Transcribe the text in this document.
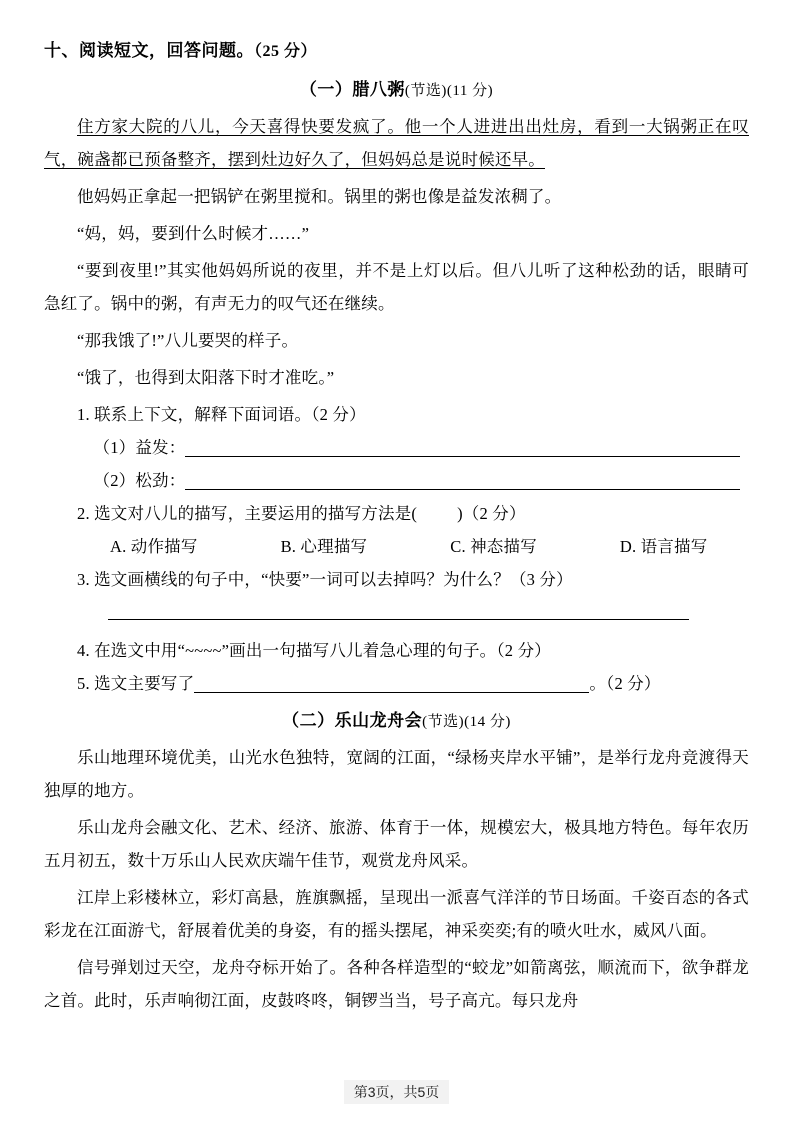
十、阅读短文，回答问题。（25 分）
（一）腊八粥(节选)(11 分)

住方家大院的八儿，今天喜得快要发疯了。他一个人进进出出灶房，看到一大锅粥正在叹气，碗盏都已预备整齐，摆到灶边好久了，但妈妈总是说时候还早。

他妈妈正拿起一把锅铲在粥里搅和。锅里的粥也像是益发浓稠了。

“妈，妈，要到什么时候才……”

“要到夜里!”其实他妈妈所说的夜里，并不是上灯以后。但八儿听了这种松劲的话，眼睛可急红了。锅中的粥，有声无力的叹气还在继续。

“那我饿了!”八儿要哭的样子。

“饿了，也得到太阳落下时才准吃。”

1. 联系上下文，解释下面词语。（2 分）

（1）益发：

（2）松劲：

2. 选文对八儿的描写，主要运用的描写方法是( )（2 分）

A. 动作描写	B. 心理描写	C. 神态描写	D. 语言描写

3. 选文画横线的句子中，“快要”一词可以去掉吗？为什么？（3 分）

4. 在选文中用“~~~~”画出一句描写八儿着急心理的句子。（2 分）

5. 选文主要写了	。（2 分）

（二）乐山龙舟会(节选)(14 分)

乐山地理环境优美，山光水色独特，宽阔的江面，“绿杨夹岸水平铺”，是举行龙舟竞渡得天独厚的地方。

乐山龙舟会融文化、艺术、经济、旅游、体育于一体，规模宏大，极具地方特色。每年农历五月初五，数十万乐山人民欢庆端午佳节，观赏龙舟风采。

江岸上彩楼林立，彩灯高悬，旌旗飘摇，呈现出一派喜气洋洋的节日场面。千姿百态的各式彩龙在江面游弋，舒展着优美的身姿，有的摇头摆尾，神采奕奕;有的喷火吐水，威风八面。

信号弹划过天空，龙舟夺标开始了。各种各样造型的“蛟龙”如箭离弦，顺流而下，欲争群龙之首。此时，乐声响彻江面，皮鼓咚咚，铜锣当当，号子高亢。每只龙舟

第3页，共5页
